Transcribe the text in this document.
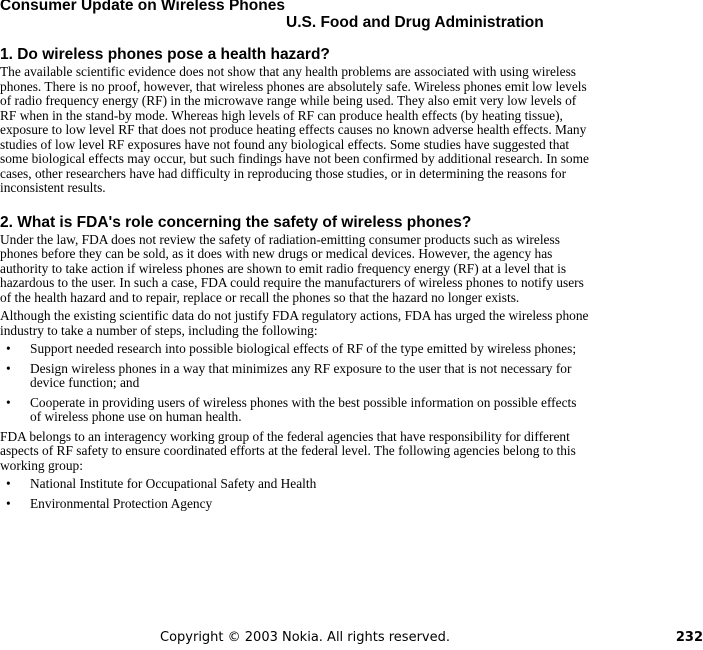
Consumer Update on Wireless Phones
U.S. Food and Drug Administration
1. Do wireless phones pose a health hazard?

The available scientific evidence does not show that any health problems are associated with using wireless phones. There is no proof, however, that wireless phones are absolutely safe. Wireless phones emit low levels of radio frequency energy (RF) in the microwave range while being used. They also emit very low levels of RF when in the stand-by mode. Whereas high levels of RF can produce health effects (by heating tissue), exposure to low level RF that does not produce heating effects causes no known adverse health effects. Many studies of low level RF exposures have not found any biological effects. Some studies have suggested that some biological effects may occur, but such findings have not been confirmed by additional research. In some cases, other researchers have had difficulty in reproducing those studies, or in determining the reasons for inconsistent results.

2. What is FDA's role concerning the safety of wireless phones?

Under the law, FDA does not review the safety of radiation-emitting consumer products such as wireless phones before they can be sold, as it does with new drugs or medical devices. However, the agency has authority to take action if wireless phones are shown to emit radio frequency energy (RF) at a level that is hazardous to the user. In such a case, FDA could require the manufacturers of wireless phones to notify users of the health hazard and to repair, replace or recall the phones so that the hazard no longer exists.

Although the existing scientific data do not justify FDA regulatory actions, FDA has urged the wireless phone industry to take a number of steps, including the following:

• Support needed research into possible biological effects of RF of the type emitted by wireless phones;
• Design wireless phones in a way that minimizes any RF exposure to the user that is not necessary for device function; and
• Cooperate in providing users of wireless phones with the best possible information on possible effects of wireless phone use on human health.

FDA belongs to an interagency working group of the federal agencies that have responsibility for different aspects of RF safety to ensure coordinated efforts at the federal level. The following agencies belong to this working group:

• National Institute for Occupational Safety and Health
• Environmental Protection Agency
Copyright © 2003 Nokia. All rights reserved.	232
